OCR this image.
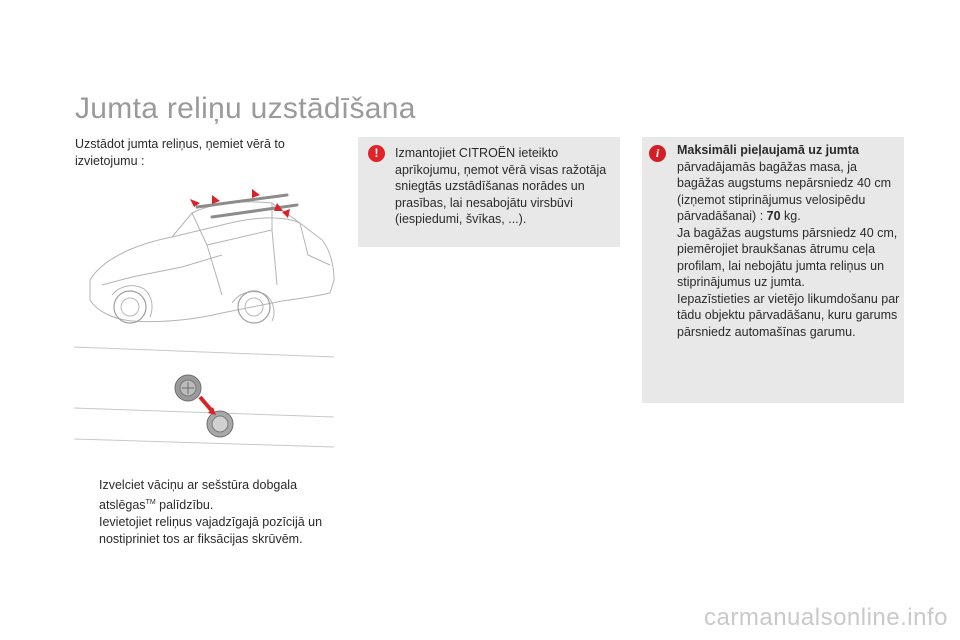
Jumta reliņu uzstādīšana
Uzstādot jumta reliņus, ņemiet vērā to izvietojumu :
Izvelciet vāciņu ar sešstūra dobgala atslēgas™ palīdzību.
Ievietojiet reliņus vajadzīgajā pozīcijā un nostipriniet tos ar fiksācijas skrūvēm.
!	Izmantojiet CITROËN ieteikto aprīkojumu, ņemot vērā visas ražotāja sniegtās uzstādīšanas norādes un prasības, lai nesabojātu virsbūvi (iespiedumi, švīkas, ...).
i	Maksimāli pieļaujamā uz jumta
pārvadājamās bagāžas masa, ja bagāžas augstums nepārsniedz 40 cm (izņemot stiprinājumus velosipēdu pārvadāšanai) : 70 kg.
Ja bagāžas augstums pārsniedz 40 cm, piemērojiet braukšanas ātrumu ceļa profilam, lai nebojātu jumta reliņus un stiprinājumus uz jumta.
Iepazīstieties ar vietējo likumdošanu par tādu objektu pārvadāšanu, kuru garums pārsniedz automašīnas garumu.
carmanualsonline.info
